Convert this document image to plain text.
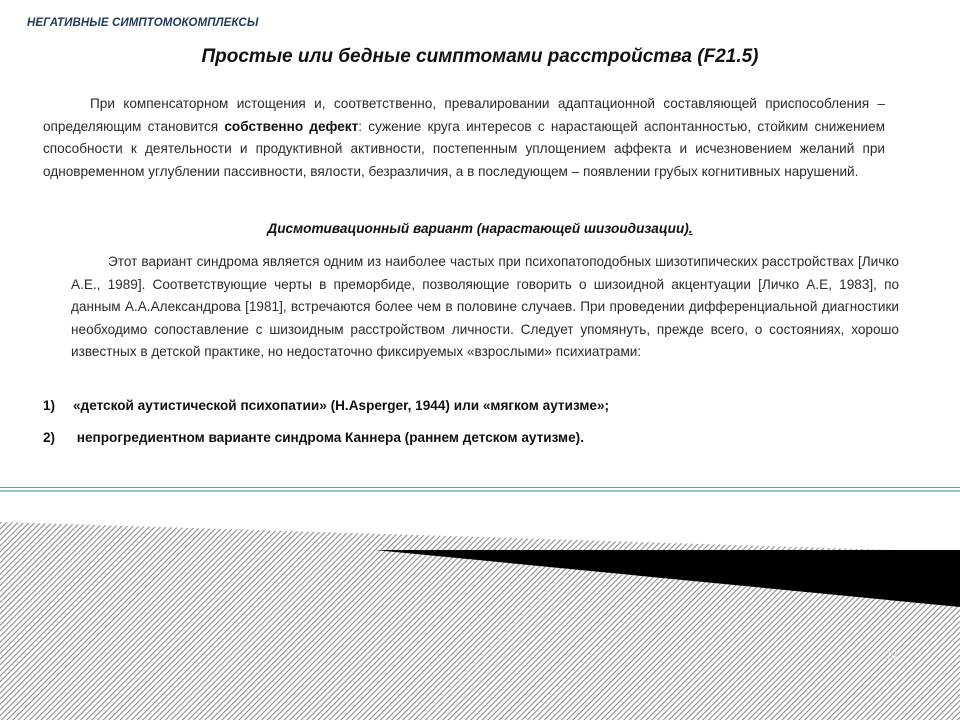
НЕГАТИВНЫЕ СИМПТОМОКОМПЛЕКСЫ
Простые или бедные симптомами расстройства (F21.5)
При компенсаторном истощения и, соответственно, превалировании адаптационной составляющей приспособления – определяющим становится собственно дефект: сужение круга интересов с нарастающей аспонтанностью, стойким снижением способности к деятельности и продуктивной активности, постепенным уплощением аффекта и исчезновением желаний при одновременном углублении пассивности, вялости, безразличия, а в последующем – появлении грубых когнитивных нарушений.
Дисмотивационный вариант (нарастающей шизоидизации).
Этот вариант синдрома является одним из наиболее частых при психопатоподобных шизотипических расстройствах [Личко А.Е., 1989]. Соответствующие черты в преморбиде, позволяющие говорить о шизоидной акцентуации [Личко А.Е, 1983], по данным А.А.Александрова [1981], встречаются более чем в половине случаев. При проведении дифференциальной диагностики необходимо сопоставление с шизоидным расстройством личности. Следует упомянуть, прежде всего, о состояниях, хорошо известных в детской практике, но недостаточно фиксируемых «взрослыми» психиатрами:
1) «детской аутистической психопатии» (H.Asperger, 1944) или «мягком аутизме»;
2) непрогредиентном варианте синдрома Каннера (раннем детском аутизме).
29
